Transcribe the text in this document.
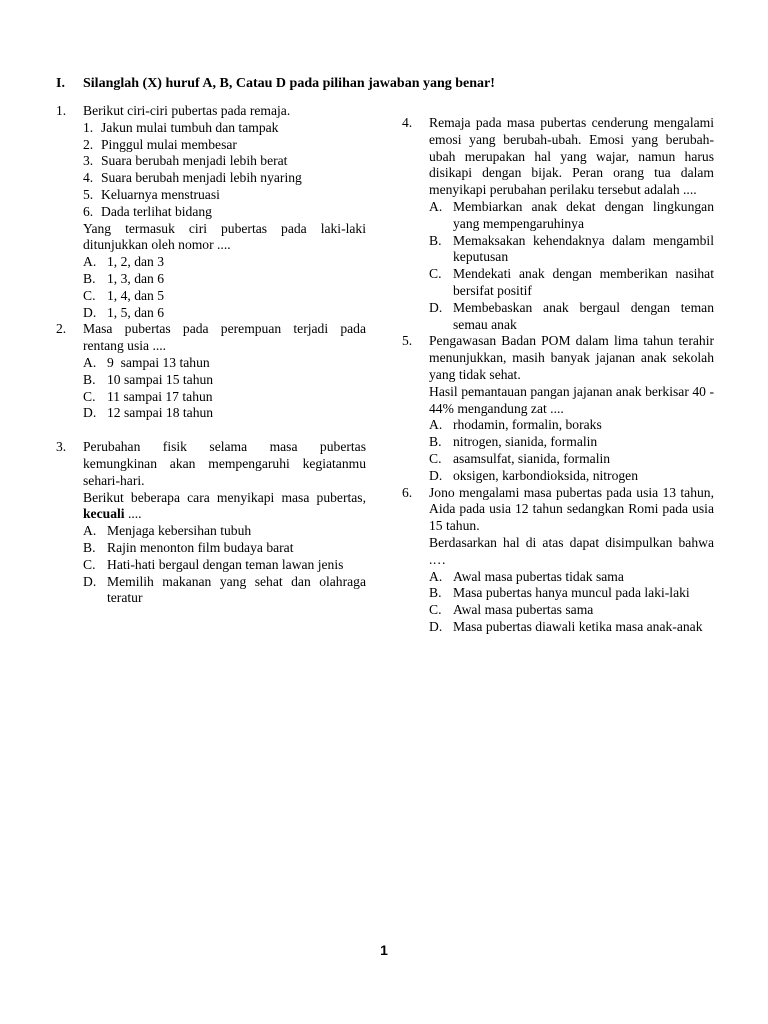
I. Silanglah (X) huruf A, B, Catau D pada pilihan jawaban yang benar!
1. Berikut ciri-ciri pubertas pada remaja.
1. Jakun mulai tumbuh dan tampak
2. Pinggul mulai membesar
3. Suara berubah menjadi lebih berat
4. Suara berubah menjadi lebih nyaring
5. Keluarnya menstruasi
6. Dada terlihat bidang
Yang termasuk ciri pubertas pada laki-laki ditunjukkan oleh nomor ....
A. 1, 2, dan 3
B. 1, 3, dan 6
C. 1, 4, dan 5
D. 1, 5, dan 6
2. Masa pubertas pada perempuan terjadi pada rentang usia ....
A. 9  sampai 13 tahun
B. 10 sampai 15 tahun
C. 11 sampai 17 tahun
D. 12 sampai 18 tahun
3. Perubahan fisik selama masa pubertas kemungkinan akan mempengaruhi kegiatanmu sehari-hari.
Berikut beberapa cara menyikapi masa pubertas, kecuali ....
A. Menjaga kebersihan tubuh
B. Rajin menonton film budaya barat
C. Hati-hati bergaul dengan teman lawan jenis
D. Memilih makanan yang sehat dan olahraga teratur
4. Remaja pada masa pubertas cenderung mengalami emosi yang berubah-ubah. Emosi yang berubah-ubah merupakan hal yang wajar, namun harus disikapi dengan bijak. Peran orang tua dalam menyikapi perubahan perilaku tersebut adalah ....
A. Membiarkan anak dekat dengan lingkungan yang mempengaruhinya
B. Memaksakan kehendaknya dalam mengambil keputusan
C. Mendekati anak dengan memberikan nasihat bersifat positif
D. Membebaskan anak bergaul dengan teman semau anak
5. Pengawasan Badan POM dalam lima tahun terahir menunjukkan, masih banyak jajanan anak sekolah yang tidak sehat.
Hasil pemantauan pangan jajanan anak berkisar 40 - 44% mengandung zat ....
A. rhodamin, formalin, boraks
B. nitrogen, sianida, formalin
C. asamsulfat, sianida, formalin
D. oksigen, karbondioksida, nitrogen
6. Jono mengalami masa pubertas pada usia 13 tahun, Aida pada usia 12 tahun sedangkan Romi pada usia 15 tahun.
Berdasarkan hal di atas dapat disimpulkan bahwa .…
A. Awal masa pubertas tidak sama
B. Masa pubertas hanya muncul pada laki-laki
C. Awal masa pubertas sama
D. Masa pubertas diawali ketika masa anak-anak
1
